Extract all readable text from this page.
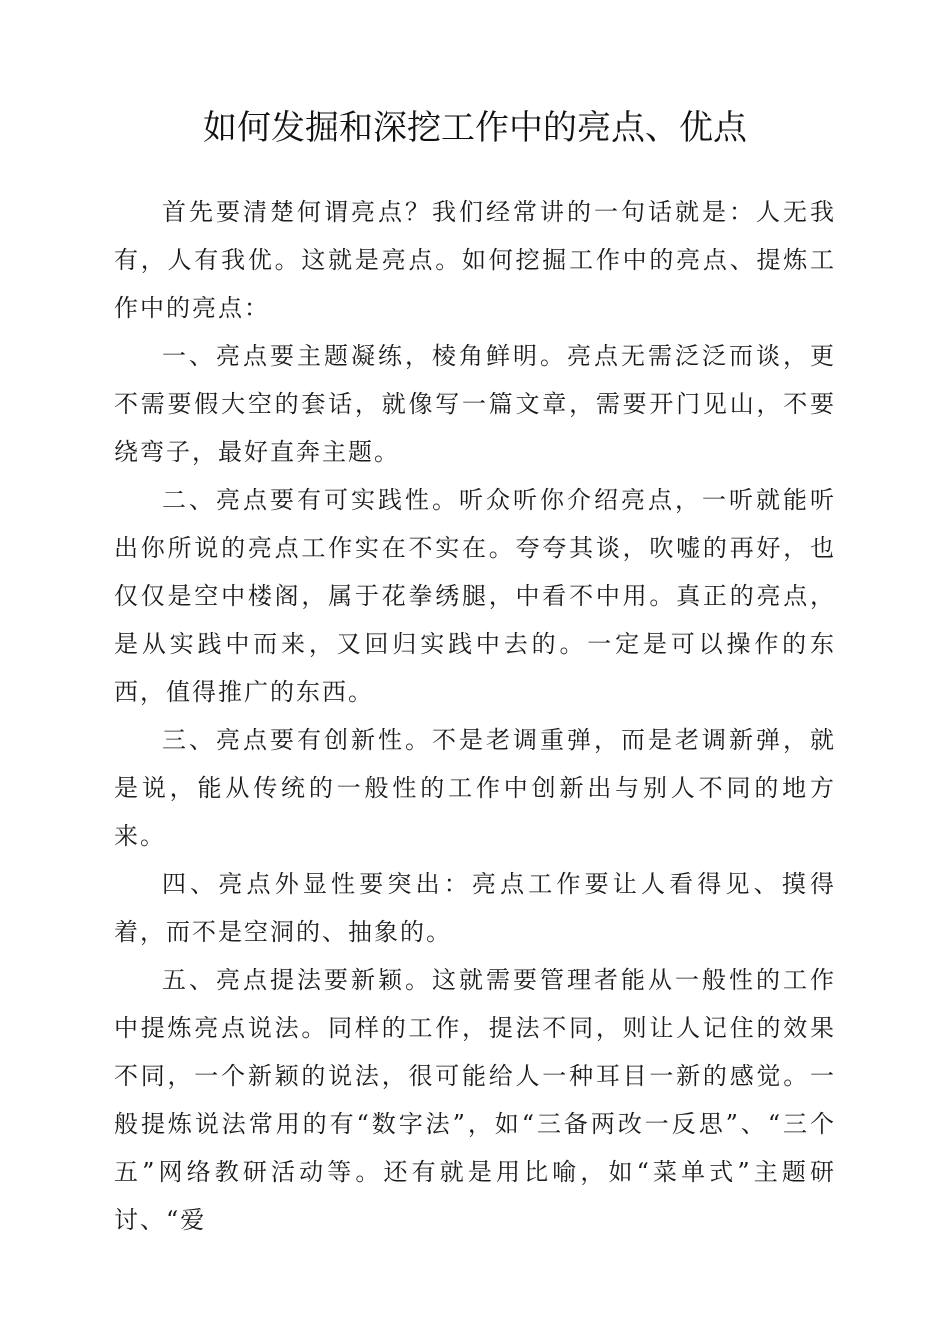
如何发掘和深挖工作中的亮点、优点

首先要清楚何谓亮点？我们经常讲的一句话就是：人无我有，人有我优。这就是亮点。如何挖掘工作中的亮点、提炼工作中的亮点：

一、亮点要主题凝练，棱角鲜明。亮点无需泛泛而谈，更不需要假大空的套话，就像写一篇文章，需要开门见山，不要绕弯子，最好直奔主题。

二、亮点要有可实践性。听众听你介绍亮点，一听就能听出你所说的亮点工作实在不实在。夸夸其谈，吹嘘的再好，也仅仅是空中楼阁，属于花拳绣腿，中看不中用。真正的亮点，是从实践中而来，又回归实践中去的。一定是可以操作的东西，值得推广的东西。

三、亮点要有创新性。不是老调重弹，而是老调新弹，就是说，能从传统的一般性的工作中创新出与别人不同的地方来。

四、亮点外显性要突出：亮点工作要让人看得见、摸得着，而不是空洞的、抽象的。

五、亮点提法要新颖。这就需要管理者能从一般性的工作中提炼亮点说法。同样的工作，提法不同，则让人记住的效果不同，一个新颖的说法，很可能给人一种耳目一新的感觉。一般提炼说法常用的有“数字法”，如“三备两改一反思”、“三个五”网络教研活动等。还有就是用比喻，如“菜单式”主题研讨、“爱
